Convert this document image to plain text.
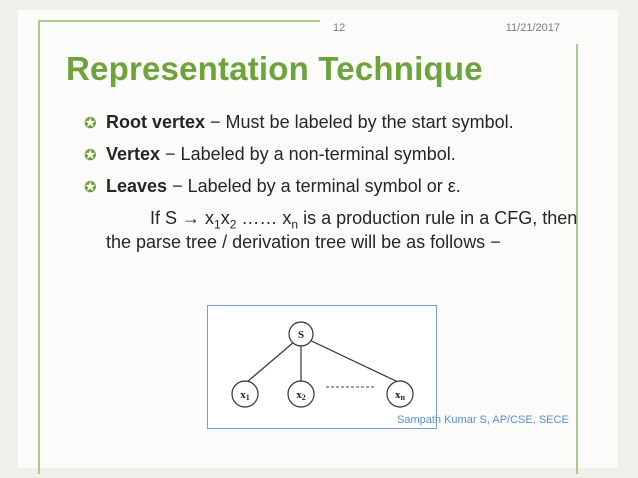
12	11/21/2017
Representation Technique
✪ Root vertex − Must be labeled by the start symbol.
✪ Vertex − Labeled by a non-terminal symbol.
✪ Leaves − Labeled by a terminal symbol or ε.
If $S \to x_1x_2$ …… $x_n$ is a production rule in a CFG, then the parse tree / derivation tree will be as follows −
S
x1	x2	xn
Sampath Kumar S, AP/CSE, SECE
